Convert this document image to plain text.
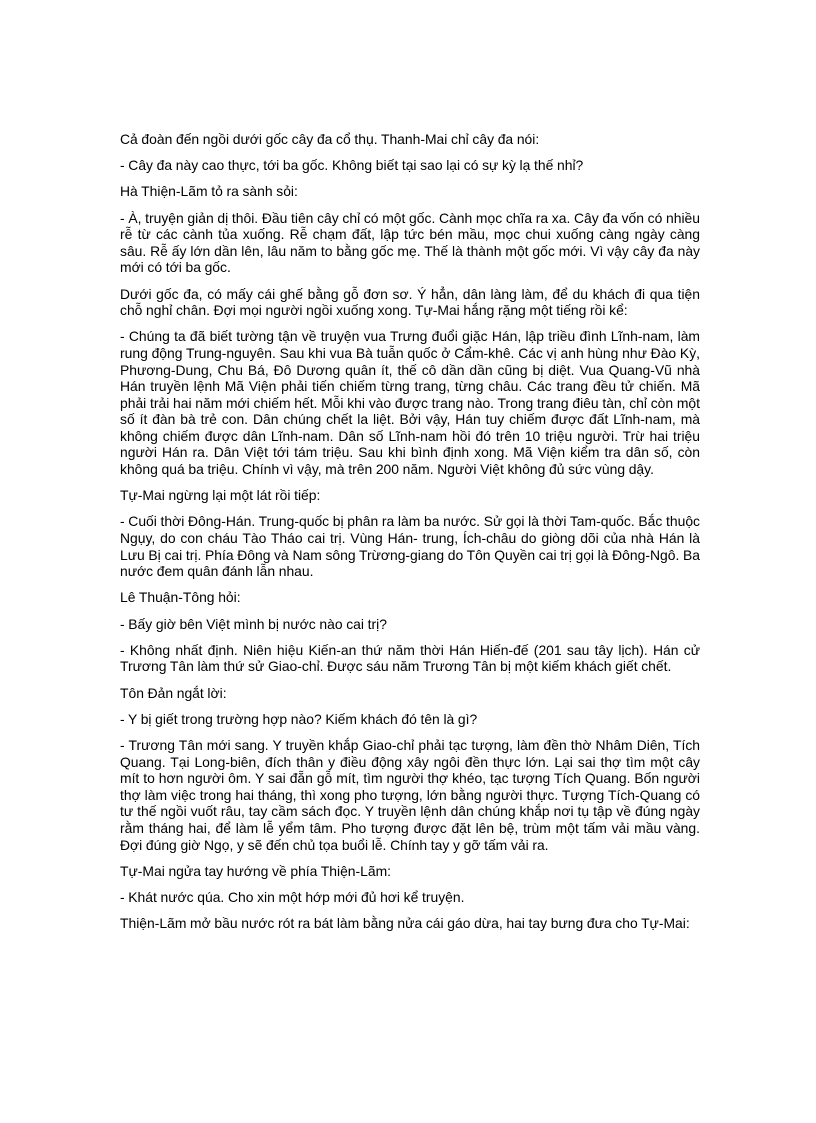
Cả đoàn đến ngồi dưới gốc cây đa cổ thụ. Thanh-Mai chỉ cây đa nói:

- Cây đa này cao thực, tới ba gốc. Không biết tại sao lại có sự kỳ lạ thế nhỉ?

Hà Thiện-Lãm tỏ ra sành sỏi:

- À, truyện giản dị thôi. Đầu tiên cây chỉ có một gốc. Cành mọc chĩa ra xa. Cây đa vốn có nhiều rễ từ các cành tủa xuống. Rễ chạm đất, lập tức bén mầu, mọc chui xuống càng ngày càng sâu. Rễ ấy lớn dần lên, lâu năm to bằng gốc mẹ. Thế là thành một gốc mới. Vì vậy cây đa này mới có tới ba gốc.

Dưới gốc đa, có mấy cái ghế bằng gỗ đơn sơ. Ý hẳn, dân làng làm, để du khách đi qua tiện chỗ nghỉ chân. Đợi mọi người ngồi xuống xong. Tự-Mai hắng rặng một tiếng rồi kể:

- Chúng ta đã biết tường tận về truyện vua Trưng đuổi giặc Hán, lập triều đình Lĩnh-nam, làm rung động Trung-nguyên. Sau khi vua Bà tuẫn quốc ở Cẩm-khê. Các vị anh hùng như Đào Kỳ, Phương-Dung, Chu Bá, Đô Dương quân ít, thế cô dần dần cũng bị diệt. Vua Quang-Vũ nhà Hán truyền lệnh Mã Viện phải tiến chiếm từng trang, từng châu. Các trang đều tử chiến. Mã phải trải hai năm mới chiếm hết. Mỗi khi vào được trang nào. Trong trang điêu tàn, chỉ còn một số ít đàn bà trẻ con. Dân chúng chết la liệt. Bởi vậy, Hán tuy chiếm được đất Lĩnh-nam, mà không chiếm được dân Lĩnh-nam. Dân số Lĩnh-nam hồi đó trên 10 triệu người. Trừ hai triệu người Hán ra. Dân Việt tới tám triệu. Sau khi bình định xong. Mã Viện kiểm tra dân số, còn không quá ba triệu. Chính vì vậy, mà trên 200 năm. Người Việt không đủ sức vùng dậy.

Tự-Mai ngừng lại một lát rồi tiếp:

- Cuối thời Đông-Hán. Trung-quốc bị phân ra làm ba nước. Sử gọi là thời Tam-quốc. Bắc thuộc Ngụy, do con cháu Tào Tháo cai trị. Vùng Hán- trung, Ích-châu do giòng dõi của nhà Hán là Lưu Bị cai trị. Phía Đông và Nam sông Trừơng-giang do Tôn Quyền cai trị gọi là Đông-Ngô. Ba nước đem quân đánh lẫn nhau.

Lê Thuận-Tông hỏi:

- Bấy giờ bên Việt mình bị nước nào cai trị?

- Không nhất định. Niên hiệu Kiến-an thứ năm thời Hán Hiến-đế (201 sau tây lịch). Hán cử Trương Tân làm thứ sử Giao-chỉ. Được sáu năm Trương Tân bị một kiếm khách giết chết.

Tôn Đản ngắt lời:

- Y bị giết trong trường hợp nào? Kiếm khách đó tên là gì?

- Trương Tân mới sang. Y truyền khắp Giao-chỉ phải tạc tượng, làm đền thờ Nhâm Diên, Tích Quang. Tại Long-biên, đích thân y điều động xây ngôi đền thực lớn. Lại sai thợ tìm một cây mít to hơn người ôm. Y sai đẵn gỗ mít, tìm người thợ khéo, tạc tượng Tích Quang. Bốn người thợ làm việc trong hai tháng, thì xong pho tượng, lớn bằng người thực. Tượng Tích-Quang có tư thế ngồi vuốt râu, tay cầm sách đọc. Y truyền lệnh dân chúng khắp nơi tụ tập về đúng ngày rằm tháng hai, để làm lễ yểm tâm. Pho tượng được đặt lên bệ, trùm một tấm vải mầu vàng. Đợi đúng giờ Ngọ, y sẽ đến chủ tọa buổi lễ. Chính tay y gỡ tấm vải ra.

Tự-Mai ngửa tay hướng về phía Thiện-Lãm:

- Khát nước qúa. Cho xin một hớp mới đủ hơi kể truyện.

Thiện-Lãm mở bầu nước rót ra bát làm bằng nửa cái gáo dừa, hai tay bưng đưa cho Tự-Mai:
